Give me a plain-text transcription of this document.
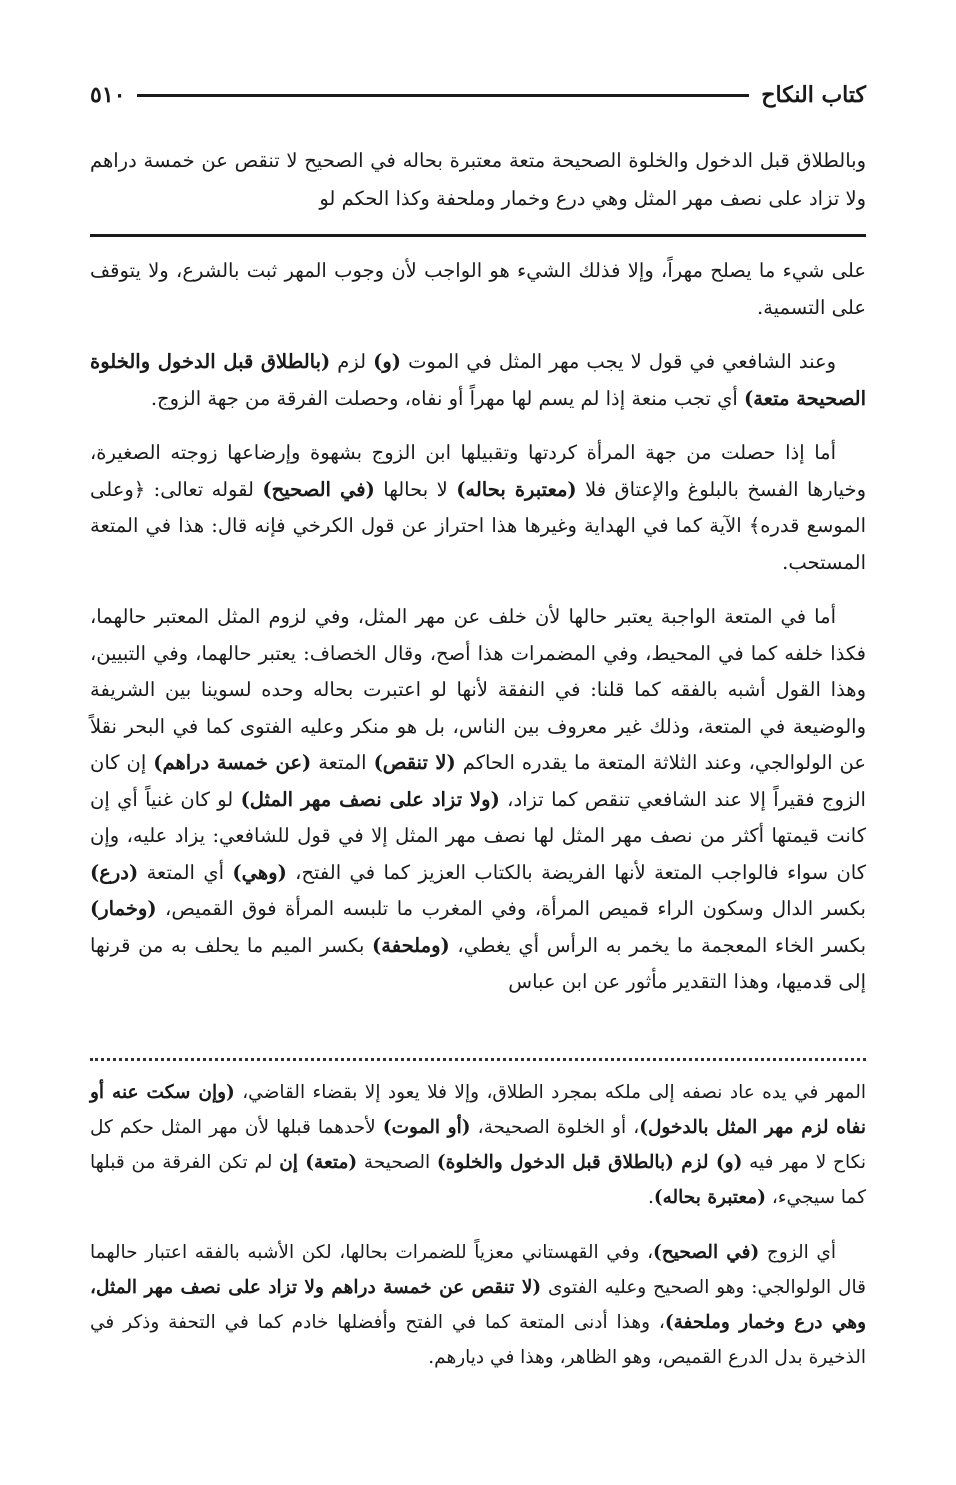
كتاب النكاح
٥١٠

وبالطلاق قبل الدخول والخلوة الصحيحة متعة معتبرة بحاله في الصحيح لا تنقص عن خمسة دراهم ولا تزاد على نصف مهر المثل وهي درع وخمار وملحفة وكذا الحكم لو

على شيء ما يصلح مهراً، وإلا فذلك الشيء هو الواجب لأن وجوب المهر ثبت بالشرع، ولا يتوقف على التسمية.

وعند الشافعي في قول لا يجب مهر المثل في الموت (و) لزم (بالطلاق قبل الدخول والخلوة الصحيحة متعة) أي تجب منعة إذا لم يسم لها مهراً أو نفاه، وحصلت الفرقة من جهة الزوج.

أما إذا حصلت من جهة المرأة كردتها وتقبيلها ابن الزوج بشهوة وإرضاعها زوجته الصغيرة، وخيارها الفسخ بالبلوغ والإعتاق فلا (معتبرة بحاله) لا بحالها (في الصحيح) لقوله تعالى: ﴿وعلى الموسع قدره﴾ الآية كما في الهداية وغيرها هذا احتراز عن قول الكرخي فإنه قال: هذا في المتعة المستحب.

أما في المتعة الواجبة يعتبر حالها لأن خلف عن مهر المثل، وفي لزوم المثل المعتبر حالهما، فكذا خلفه كما في المحيط، وفي المضمرات هذا أصح، وقال الخصاف: يعتبر حالهما، وفي التبيين، وهذا القول أشبه بالفقه كما قلنا: في النفقة لأنها لو اعتبرت بحاله وحده لسوينا بين الشريفة والوضيعة في المتعة، وذلك غير معروف بين الناس، بل هو منكر وعليه الفتوى كما في البحر نقلاً عن الولوالجي، وعند الثلاثة المتعة ما يقدره الحاكم (لا تنقص) المتعة (عن خمسة دراهم) إن كان الزوج فقيراً إلا عند الشافعي تنقص كما تزاد، (ولا تزاد على نصف مهر المثل) لو كان غنياً أي إن كانت قيمتها أكثر من نصف مهر المثل لها نصف مهر المثل إلا في قول للشافعي: يزاد عليه، وإن كان سواء فالواجب المتعة لأنها الفريضة بالكتاب العزيز كما في الفتح، (وهي) أي المتعة (درع) بكسر الدال وسكون الراء قميص المرأة، وفي المغرب ما تلبسه المرأة فوق القميص، (وخمار) بكسر الخاء المعجمة ما يخمر به الرأس أي يغطي، (وملحفة) بكسر الميم ما يحلف به من قرنها إلى قدميها، وهذا التقدير مأثور عن ابن عباس

المهر في يده عاد نصفه إلى ملكه بمجرد الطلاق، وإلا فلا يعود إلا بقضاء القاضي، (وإن سكت عنه أو نفاه لزم مهر المثل بالدخول)، أو الخلوة الصحيحة، (أو الموت) لأحدهما قبلها لأن مهر المثل حكم كل نكاح لا مهر فيه (و) لزم (بالطلاق قبل الدخول والخلوة) الصحيحة (متعة) إن لم تكن الفرقة من قبلها كما سيجيء، (معتبرة بحاله).

أي الزوج (في الصحيح)، وفي القهستاني معزياً للضمرات بحالها، لكن الأشبه بالفقه اعتبار حالهما قال الولوالجي: وهو الصحيح وعليه الفتوى (لا تنقص عن خمسة دراهم ولا تزاد على نصف مهر المثل، وهي درع وخمار وملحفة)، وهذا أدنى المتعة كما في الفتح وأفضلها خادم كما في التحفة وذكر في الذخيرة بدل الدرع القميص، وهو الظاهر، وهذا في ديارهم.
